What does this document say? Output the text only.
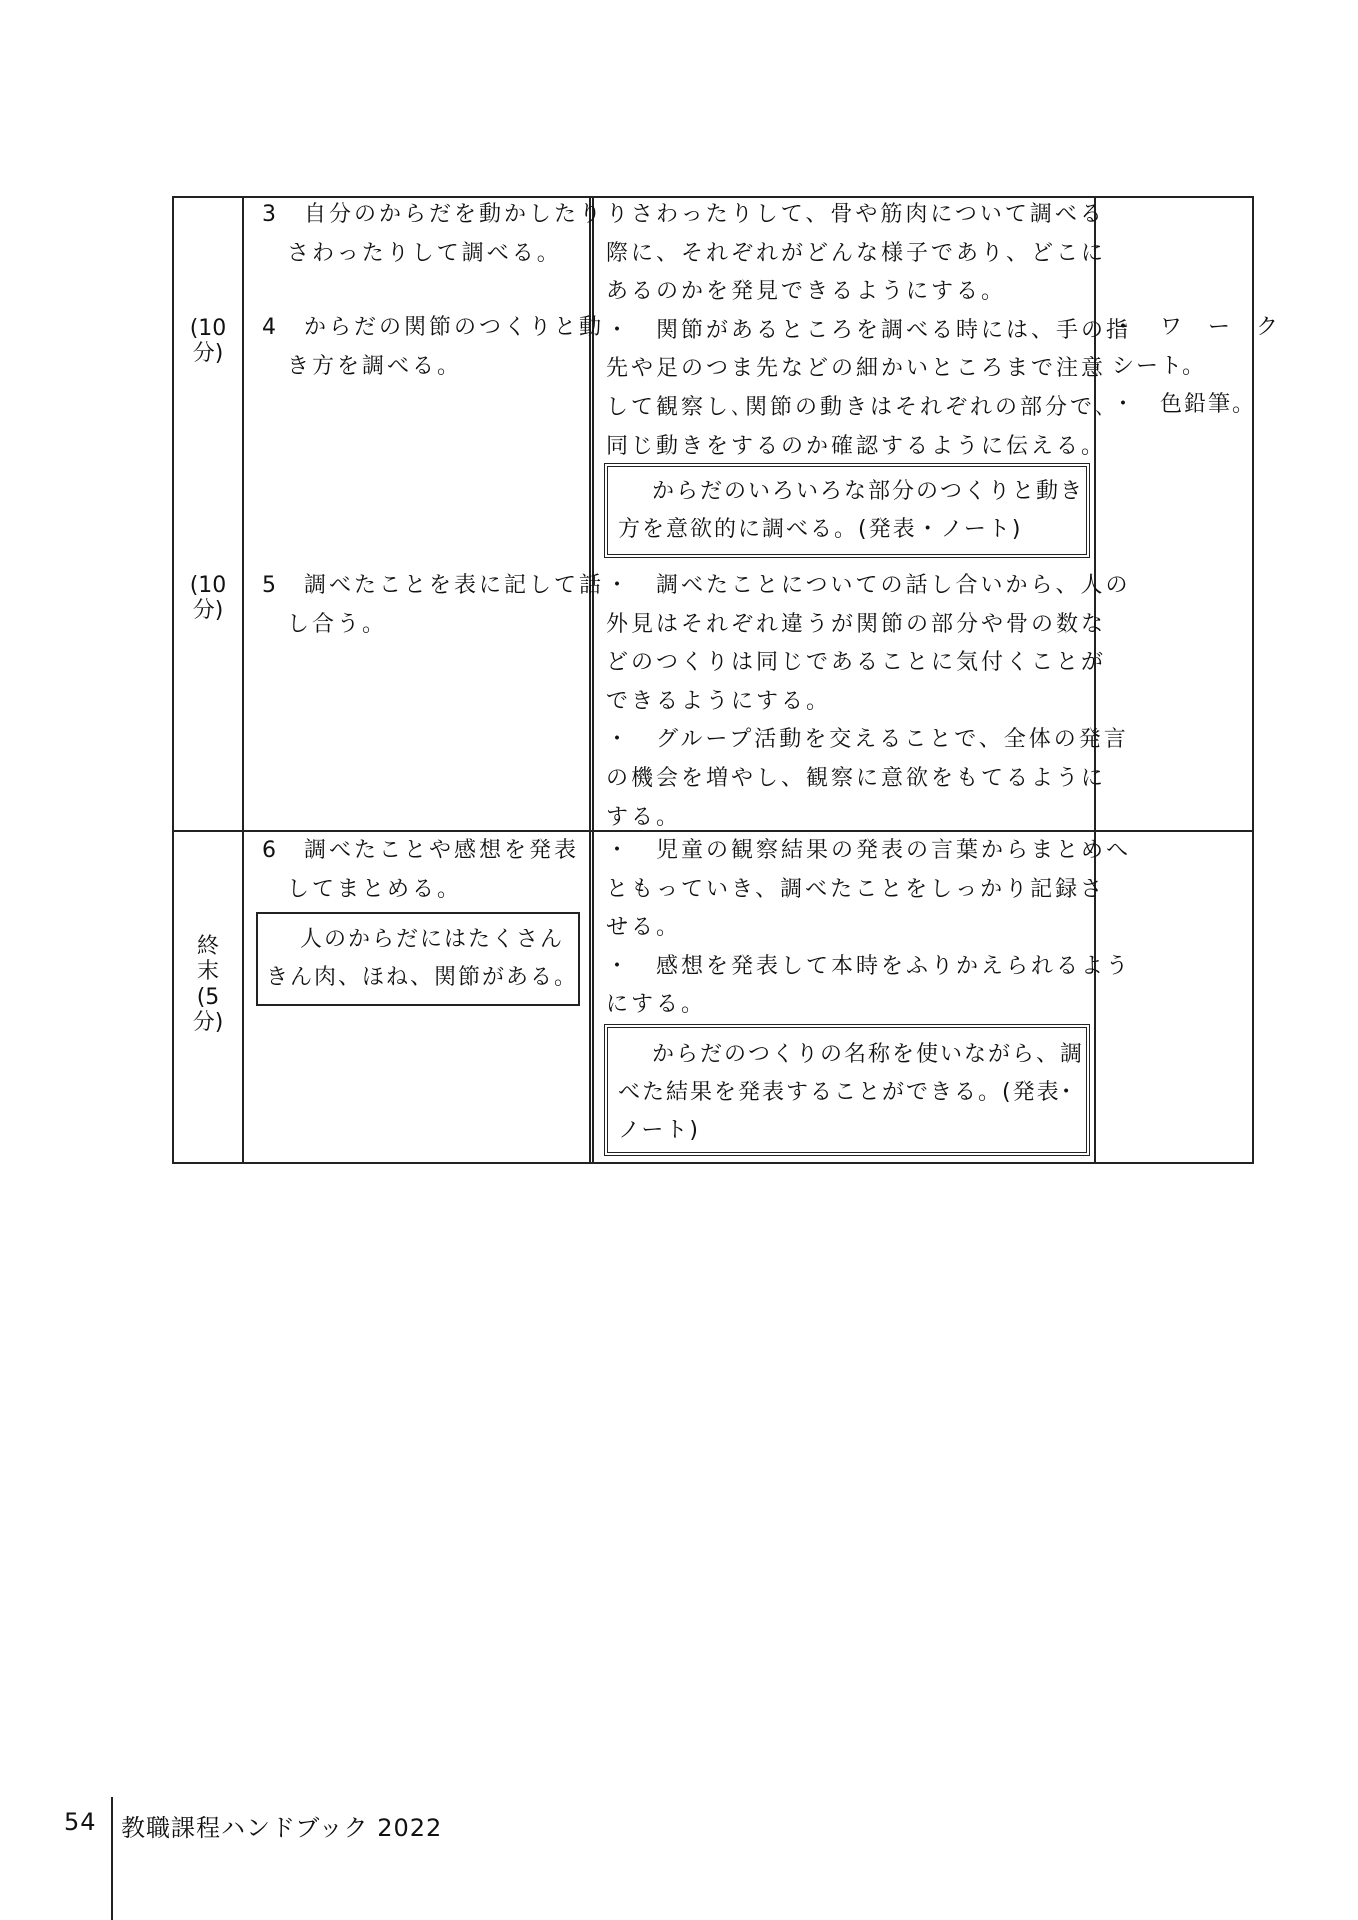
(10
分)
(10
分)
終
末
(5
分)
3　自分のからだを動かしたり
　さわったりして調べる。
4　からだの関節のつくりと動
　き方を調べる。
5　調べたことを表に記して話
　し合う。
6　調べたことや感想を発表
　してまとめる。
　人のからだにはたくさん
きん肉、ほね、関節がある。
りさわったりして、骨や筋肉について調べる
際に、それぞれがどんな様子であり、どこに
あるのかを発見できるようにする。
・　関節があるところを調べる時には、手の指
先や足のつま先などの細かいところまで注意
して観察し､関節の動きはそれぞれの部分で､
同じ動きをするのか確認するように伝える。
　からだのいろいろな部分のつくりと動き
方を意欲的に調べる。(発表・ノート)
・　調べたことについての話し合いから、人の
外見はそれぞれ違うが関節の部分や骨の数な
どのつくりは同じであることに気付くことが
できるようにする。
・　グループ活動を交えることで、全体の発言
の機会を増やし、観察に意欲をもてるように
する。
・　児童の観察結果の発表の言葉からまとめへ
ともっていき、調べたことをしっかり記録さ
せる。
・　感想を発表して本時をふりかえられるよう
にする。
　からだのつくりの名称を使いながら、調
べた結果を発表することができる。(発表･
ノート)
・　ワ　ー　ク
シート。
・　色鉛筆。
54 教職課程ハンドブック 2022
